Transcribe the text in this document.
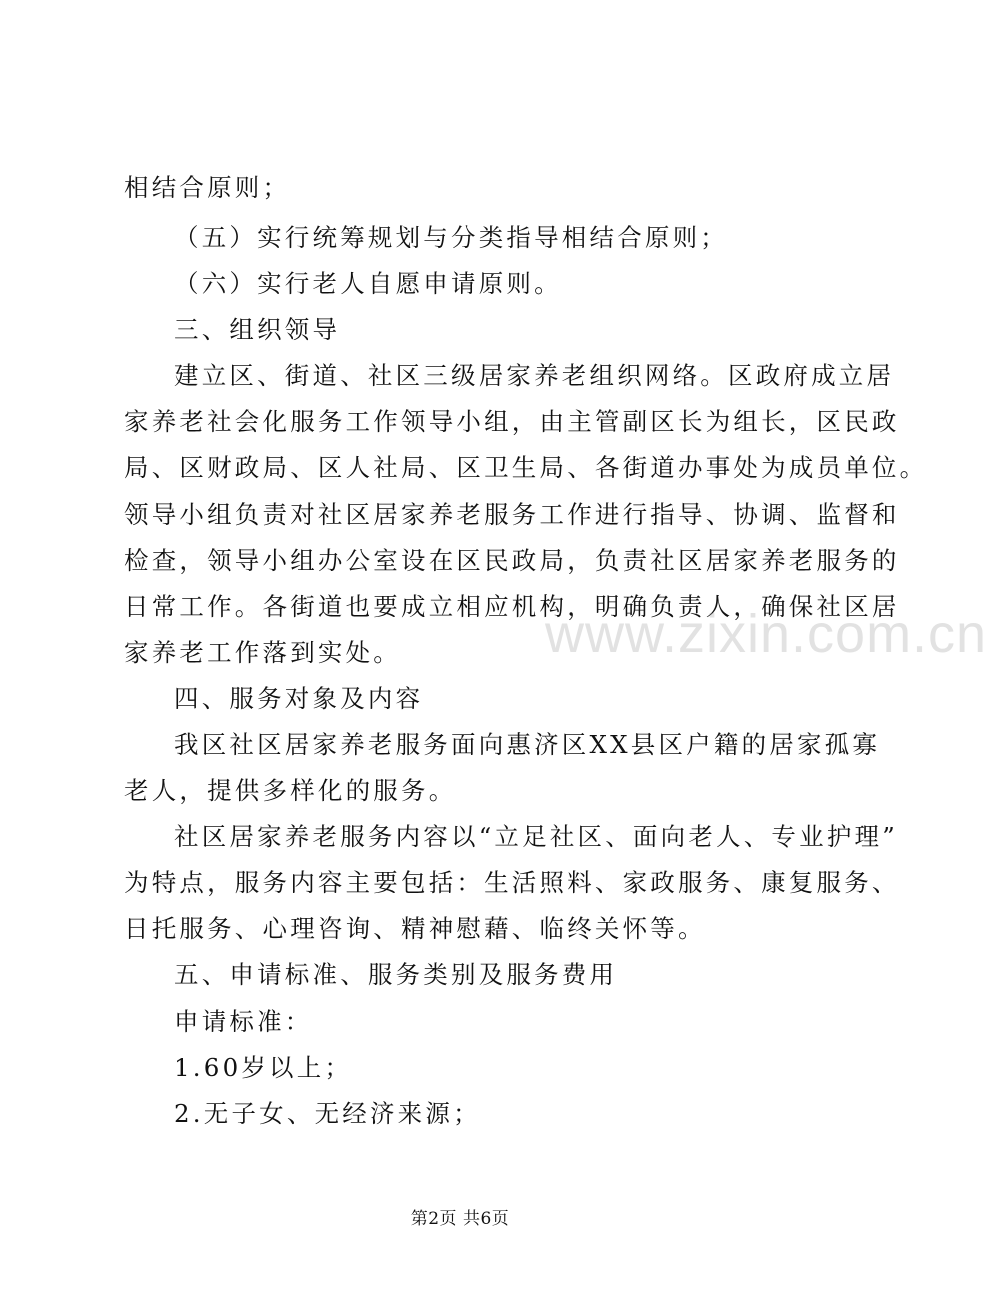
相结合原则；
（五）实行统筹规划与分类指导相结合原则；
（六）实行老人自愿申请原则。
三、组织领导
建立区、街道、社区三级居家养老组织网络。区政府成立居
家养老社会化服务工作领导小组，由主管副区长为组长，区民政
局、区财政局、区人社局、区卫生局、各街道办事处为成员单位。
领导小组负责对社区居家养老服务工作进行指导、协调、监督和
检查，领导小组办公室设在区民政局，负责社区居家养老服务的
日常工作。各街道也要成立相应机构，明确负责人，确保社区居
家养老工作落到实处。
四、服务对象及内容
我区社区居家养老服务面向惠济区XX县区户籍的居家孤寡
老人，提供多样化的服务。
社区居家养老服务内容以“立足社区、面向老人、专业护理”
为特点，服务内容主要包括：生活照料、家政服务、康复服务、
日托服务、心理咨询、精神慰藉、临终关怀等。
五、申请标准、服务类别及服务费用
申请标准：
1.60岁以上；
2.无子女、无经济来源；
www.zixin.com.cn
第2页 共6页
